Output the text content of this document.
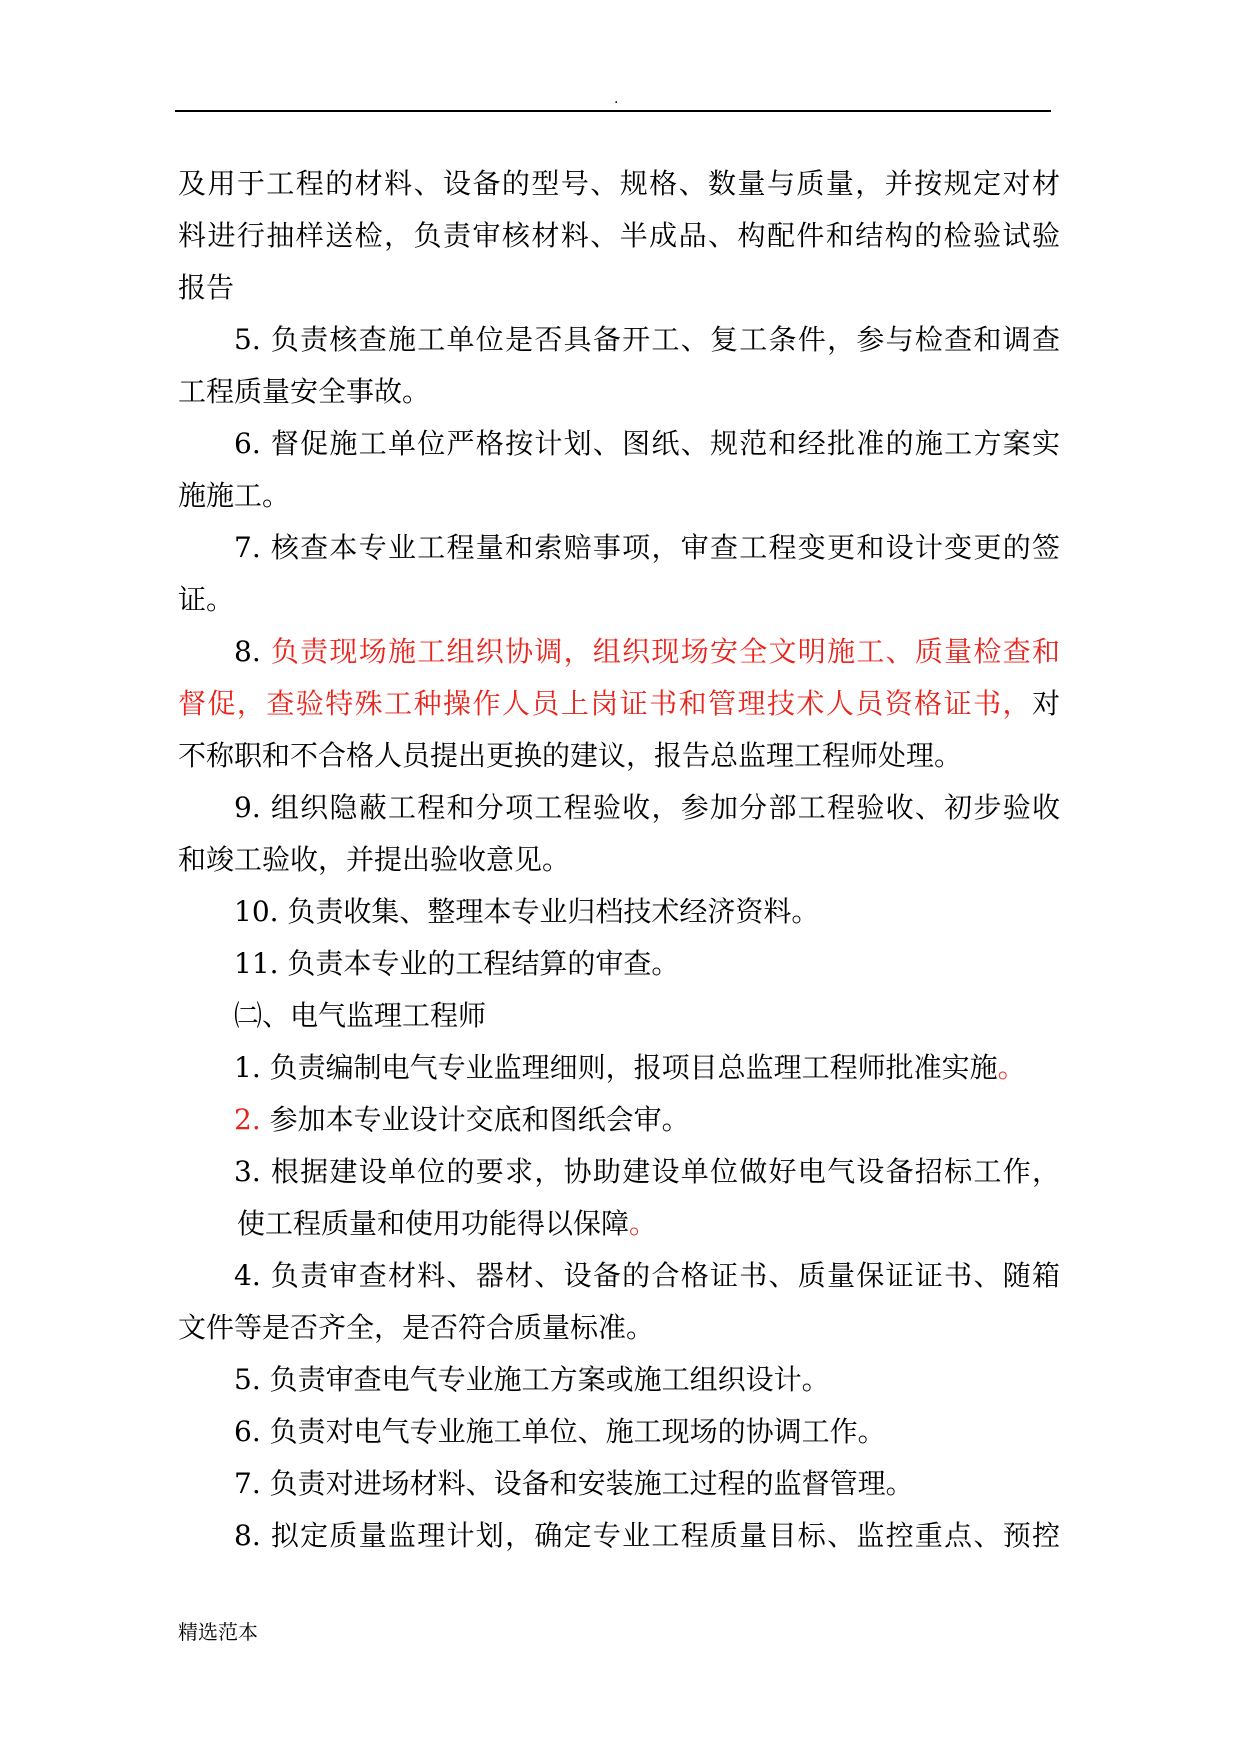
.
及用于工程的材料、设备的型号、规格、数量与质量，并按规定对材
料进行抽样送检，负责审核材料、半成品、构配件和结构的检验试验
报告
5. 负责核查施工单位是否具备开工、复工条件，参与检查和调查
工程质量安全事故。
6. 督促施工单位严格按计划、图纸、规范和经批准的施工方案实
施施工。
7. 核查本专业工程量和索赔事项，审查工程变更和设计变更的签
证。
8. 负责现场施工组织协调，组织现场安全文明施工、质量检查和
督促，查验特殊工种操作人员上岗证书和管理技术人员资格证书，对
不称职和不合格人员提出更换的建议，报告总监理工程师处理。
9. 组织隐蔽工程和分项工程验收，参加分部工程验收、初步验收
和竣工验收，并提出验收意见。
10. 负责收集、整理本专业归档技术经济资料。
11. 负责本专业的工程结算的审查。
㈡、电气监理工程师
1. 负责编制电气专业监理细则，报项目总监理工程师批准实施。
2. 参加本专业设计交底和图纸会审。
3. 根据建设单位的要求，协助建设单位做好电气设备招标工作，
使工程质量和使用功能得以保障。
4. 负责审查材料、器材、设备的合格证书、质量保证证书、随箱
文件等是否齐全，是否符合质量标准。
5. 负责审查电气专业施工方案或施工组织设计。
6. 负责对电气专业施工单位、施工现场的协调工作。
7. 负责对进场材料、设备和安装施工过程的监督管理。
8. 拟定质量监理计划，确定专业工程质量目标、监控重点、预控
精选范本
